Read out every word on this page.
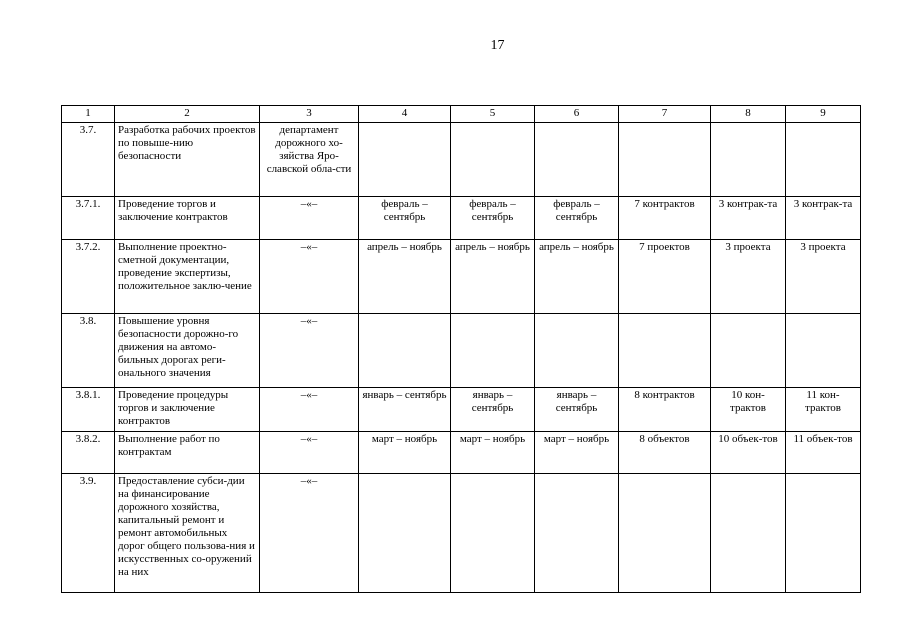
17
1	2	3	4	5	6	7	8	9
3.7.	Разработка рабочих проектов по повыше-нию безопасности	департамент дорожного хо-зяйства Яро-славской обла-сти						
3.7.1.	Проведение торгов и заключение контрактов	–«–	февраль – сентябрь	февраль – сентябрь	февраль – сентябрь	7 контрактов	3 контрак-та	3 контрак-та
3.7.2.	Выполнение проектно-сметной документации, проведение экспертизы, положительное заклю-чение	–«–	апрель – ноябрь	апрель – ноябрь	апрель – ноябрь	7 проектов	3 проекта	3 проекта
3.8.	Повышение уровня безопасности дорожно-го движения на автомо-бильных дорогах реги-онального значения	–«–						
3.8.1.	Проведение процедуры торгов и заключение контрактов	–«–	январь – сентябрь	январь – сентябрь	январь – сентябрь	8 контрактов	10 кон-трактов	11 кон-трактов
3.8.2.	Выполнение работ по контрактам	–«–	март – ноябрь	март – ноябрь	март – ноябрь	8 объектов	10 объек-тов	11 объек-тов
3.9.	Предоставление субси-дии на финансирование дорожного хозяйства, капитальный ремонт и ремонт автомобильных дорог общего пользова-ния и искусственных со-оружений на них	–«–						
